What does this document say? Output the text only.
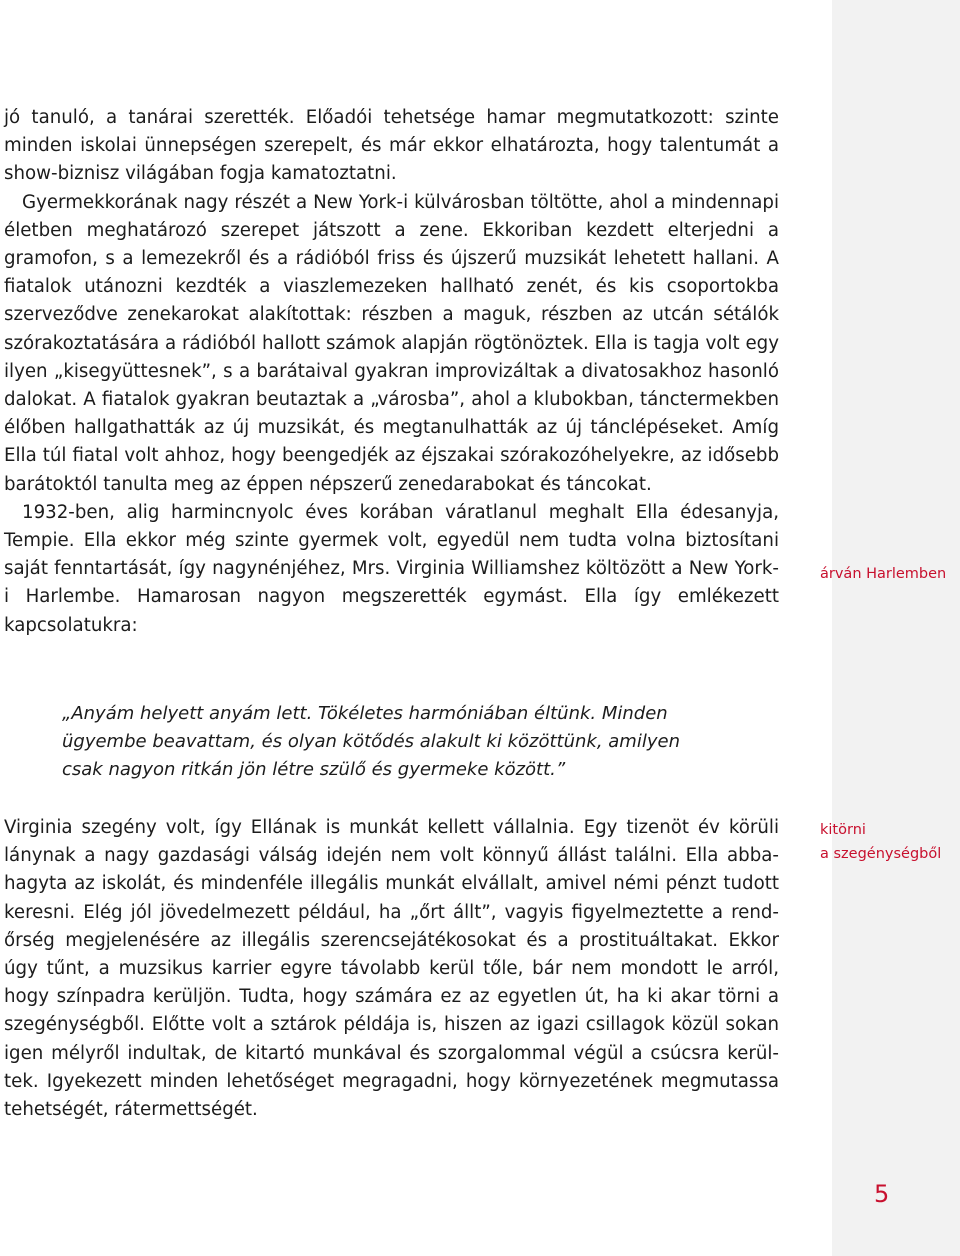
jó tanuló, a tanárai szerették. Előadói tehetsége hamar megmutatkozott: szinte minden iskolai ünnepségen szerepelt, és már ekkor elhatározta, hogy talentumát a show-biznisz világában fogja kamatoztatni.

Gyermekkorának nagy részét a New York-i külvárosban töltötte, ahol a mindennapi életben meghatározó szerepet játszott a zene. Ekkoriban kezdett elterjedni a gramofon, s a lemezekről és a rádióból friss és újszerű muzsikát lehetett hallani. A fiatalok utánozni kezdték a viaszlemezeken hallható zenét, és kis csoportokba szerveződve zenekarokat alakítottak: részben a maguk, részben az utcán sétálók szórakoztatására a rádióból hallott számok alapján rögtönöztek. Ella is tagja volt egy ilyen „kisegyüttesnek”, s a barátaival gyakran improvizáltak a divatosakhoz hasonló dalokat. A fiatalok gyakran beutaztak a „városba”, ahol a klubokban, tánctermekben élőben hallgathatták az új muzsikát, és megtanulhatták az új tánclépéseket. Amíg Ella túl fiatal volt ahhoz, hogy beengedjék az éjszakai szórakozóhelyekre, az idősebb barátoktól tanulta meg az éppen népszerű zenedarabokat és táncokat.

1932-ben, alig harmincnyolc éves korában váratlanul meghalt Ella édesanyja, Tempie. Ella ekkor még szinte gyermek volt, egyedül nem tudta volna biztosítani saját fenntartását, így nagynénjéhez, Mrs. Virginia Williamshez költözött a New York-i Harlembe. Hamarosan nagyon megszerették egymást. Ella így emlékezett kapcsolatukra:

„Anyám helyett anyám lett. Tökéletes harmóniában éltünk. Minden ügyembe beavattam, és olyan kötődés alakult ki közöttünk, amilyen csak nagyon ritkán jön létre szülő és gyermeke között.”

Virginia szegény volt, így Ellának is munkát kellett vállalnia. Egy tizenöt év körüli lánynak a nagy gazdasági válság idején nem volt könnyű állást találni. Ella abbahagyta az iskolát, és mindenféle illegális munkát elvállalt, amivel némi pénzt tudott keresni. Elég jól jövedelmezett például, ha „őrt állt”, vagyis figyelmeztette a rendőrség megjelenésére az illegális szerencsejátékosokat és a prostituáltakat. Ekkor úgy tűnt, a muzsikus karrier egyre távolabb kerül tőle, bár nem mondott le arról, hogy színpadra kerüljön. Tudta, hogy számára ez az egyetlen út, ha ki akar törni a szegénységből. Előtte volt a sztárok példája is, hiszen az igazi csillagok közül sokan igen mélyről indultak, de kitartó munkával és szorgalommal végül a csúcsra kerültek. Igyekezett minden lehetőséget megragadni, hogy környezetének megmutassa tehetségét, rátermettségét.

árván Harlemben
kitörni
a szegénységből
5
